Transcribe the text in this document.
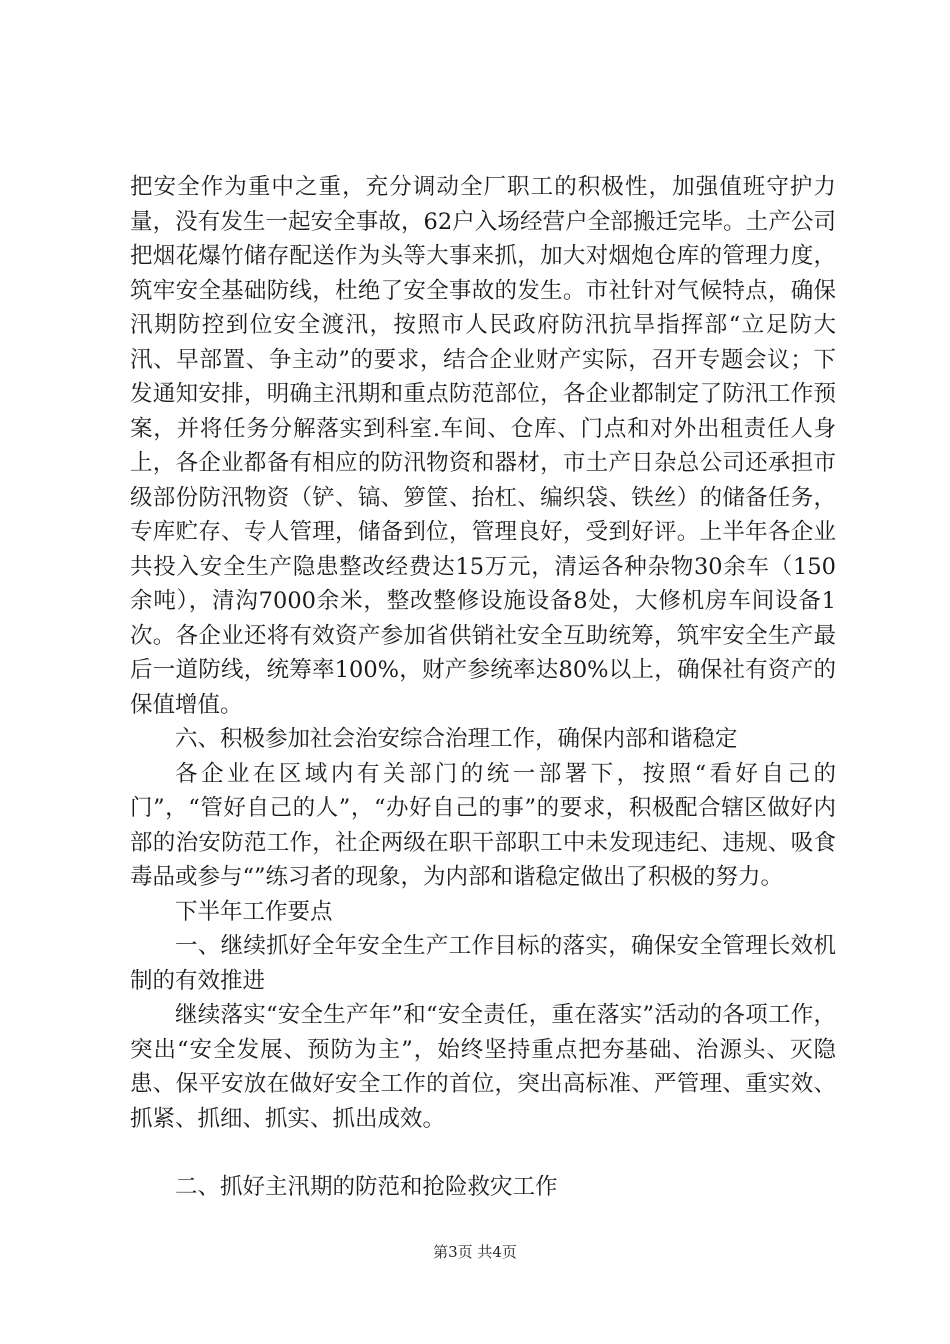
把安全作为重中之重，充分调动全厂职工的积极性，加强值班守护力量，没有发生一起安全事故，62户入场经营户全部搬迁完毕。土产公司把烟花爆竹储存配送作为头等大事来抓，加大对烟炮仓库的管理力度，筑牢安全基础防线，杜绝了安全事故的发生。市社针对气候特点，确保汛期防控到位安全渡汛，按照市人民政府防汛抗旱指挥部“立足防大汛、早部置、争主动”的要求，结合企业财产实际，召开专题会议；下发通知安排，明确主汛期和重点防范部位，各企业都制定了防汛工作预案，并将任务分解落实到科室.车间、仓库、门点和对外出租责任人身上，各企业都备有相应的防汛物资和器材，市土产日杂总公司还承担市级部份防汛物资（铲、镐、箩筐、抬杠、编织袋、铁丝）的储备任务，专库贮存、专人管理，储备到位，管理良好，受到好评。上半年各企业共投入安全生产隐患整改经费达15万元，清运各种杂物30余车（150余吨），清沟7000余米，整改整修设施设备8处，大修机房车间设备1次。各企业还将有效资产参加省供销社安全互助统筹，筑牢安全生产最后一道防线，统筹率100%，财产参统率达80%以上，确保社有资产的保值增值。

六、积极参加社会治安综合治理工作，确保内部和谐稳定

各企业在区域内有关部门的统一部署下，按照“看好自己的门”，“管好自己的人”，“办好自己的事”的要求，积极配合辖区做好内部的治安防范工作，社企两级在职干部职工中未发现违纪、违规、吸食毒品或参与“”练习者的现象，为内部和谐稳定做出了积极的努力。

下半年工作要点

一、继续抓好全年安全生产工作目标的落实，确保安全管理长效机制的有效推进

继续落实“安全生产年”和“安全责任，重在落实”活动的各项工作，突出“安全发展、预防为主”，始终坚持重点把夯基础、治源头、灭隐患、保平安放在做好安全工作的首位，突出高标准、严管理、重实效、抓紧、抓细、抓实、抓出成效。

二、抓好主汛期的防范和抢险救灾工作

第3页 共4页
